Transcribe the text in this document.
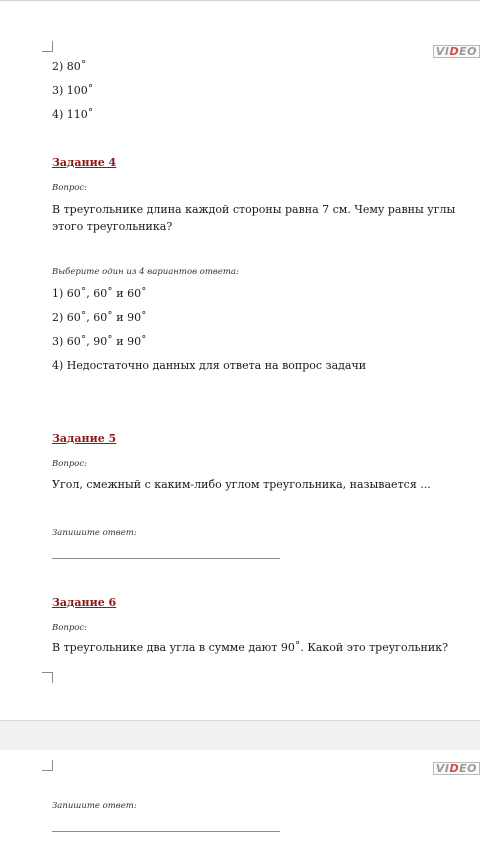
VIDEO
2) 80˚
3) 100˚
4) 110˚
Задание 4
Вопрос:
В треугольнике длина каждой стороны равна 7 см. Чему равны углы этого треугольника?
Выберите один из 4 вариантов ответа:
1) 60˚, 60˚ и 60˚
2) 60˚, 60˚ и 90˚
3) 60˚, 90˚ и 90˚
4) Недостаточно данных для ответа на вопрос задачи
Задание 5
Вопрос:
Угол, смежный с каким-либо углом треугольника, называется ...
Запишите ответ:
Задание 6
Вопрос:
В треугольнике два угла в сумме дают 90˚. Какой это треугольник?
VIDEO
Запишите ответ:
